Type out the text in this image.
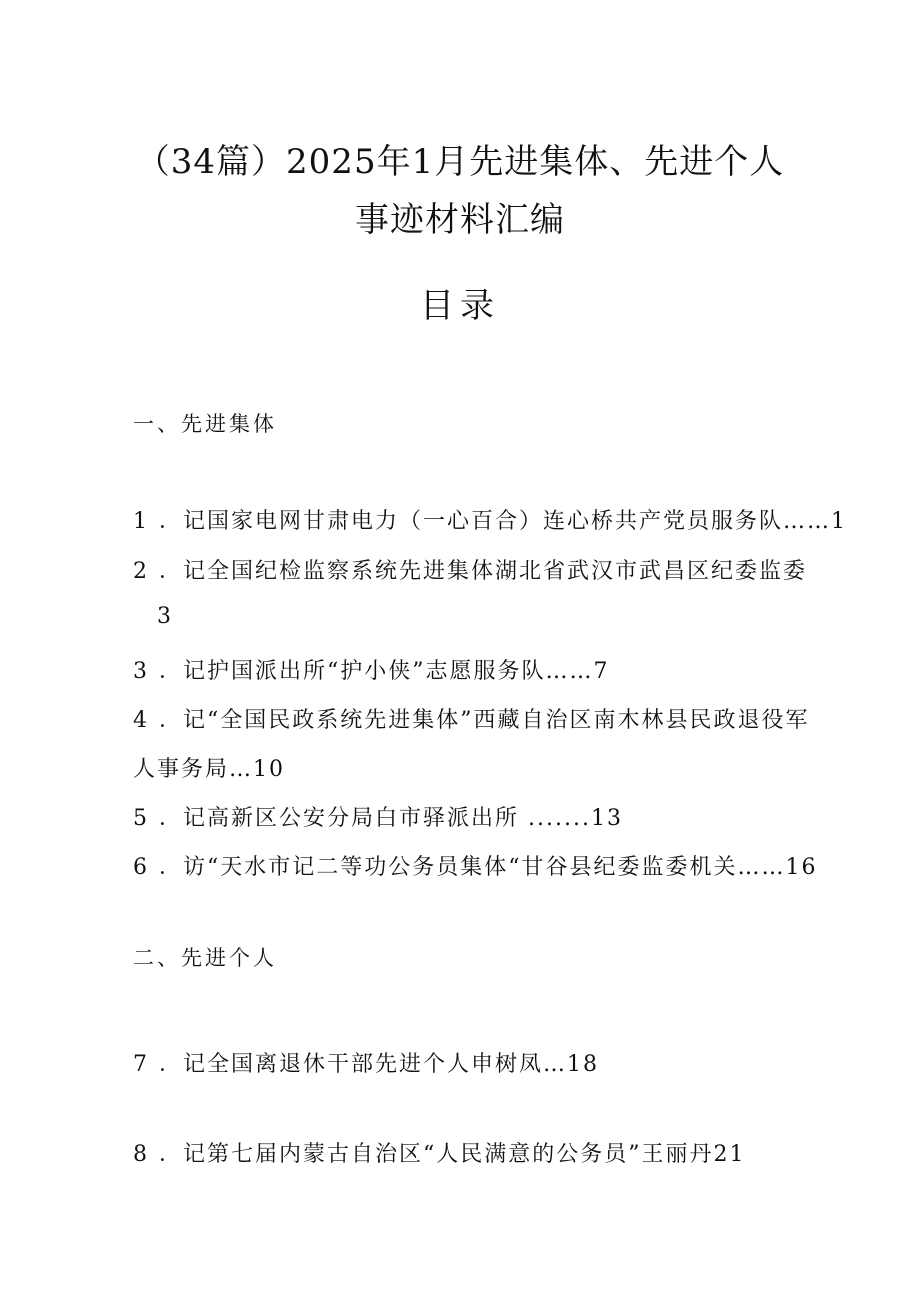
（34篇）2025年1月先进集体、先进个人
事迹材料汇编
目录
一、先进集体
1 ．记国家电网甘肃电力（一心百合）连心桥共产党员服务队……1
2 ．记全国纪检监察系统先进集体湖北省武汉市武昌区纪委监委
3
3 ．记护国派出所“护小侠”志愿服务队……7
4 ．记“全国民政系统先进集体”西藏自治区南木林县民政退役军
人事务局…10
5 ．记高新区公安分局白市驿派出所 .......13
6 ．访“天水市记二等功公务员集体“甘谷县纪委监委机关……16
二、先进个人
7 ．记全国离退休干部先进个人申树凤…18
8 ．记第七届内蒙古自治区“人民满意的公务员”王丽丹21
